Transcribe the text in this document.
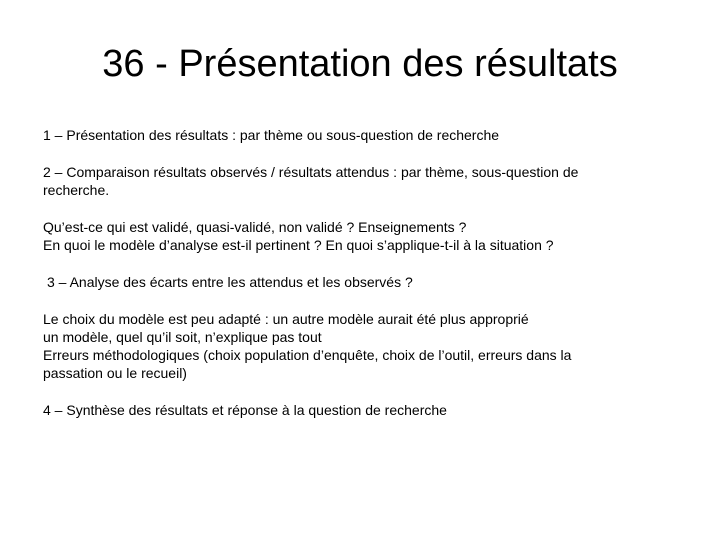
36 - Présentation des résultats

1 – Présentation des résultats : par thème ou sous-question de recherche

2 – Comparaison résultats observés / résultats attendus : par thème, sous-question de
recherche.

Qu’est-ce qui est validé, quasi-validé, non validé ? Enseignements ?
En quoi le modèle d’analyse est-il pertinent ? En quoi s’applique-t-il à la situation ?

3 – Analyse des écarts entre les attendus et les observés ?

Le choix du modèle est peu adapté : un autre modèle aurait été plus approprié
un modèle, quel qu’il soit, n’explique pas tout
Erreurs méthodologiques (choix population d’enquête, choix de l’outil, erreurs dans la
passation ou le recueil)

4 – Synthèse des résultats et réponse à la question de recherche
